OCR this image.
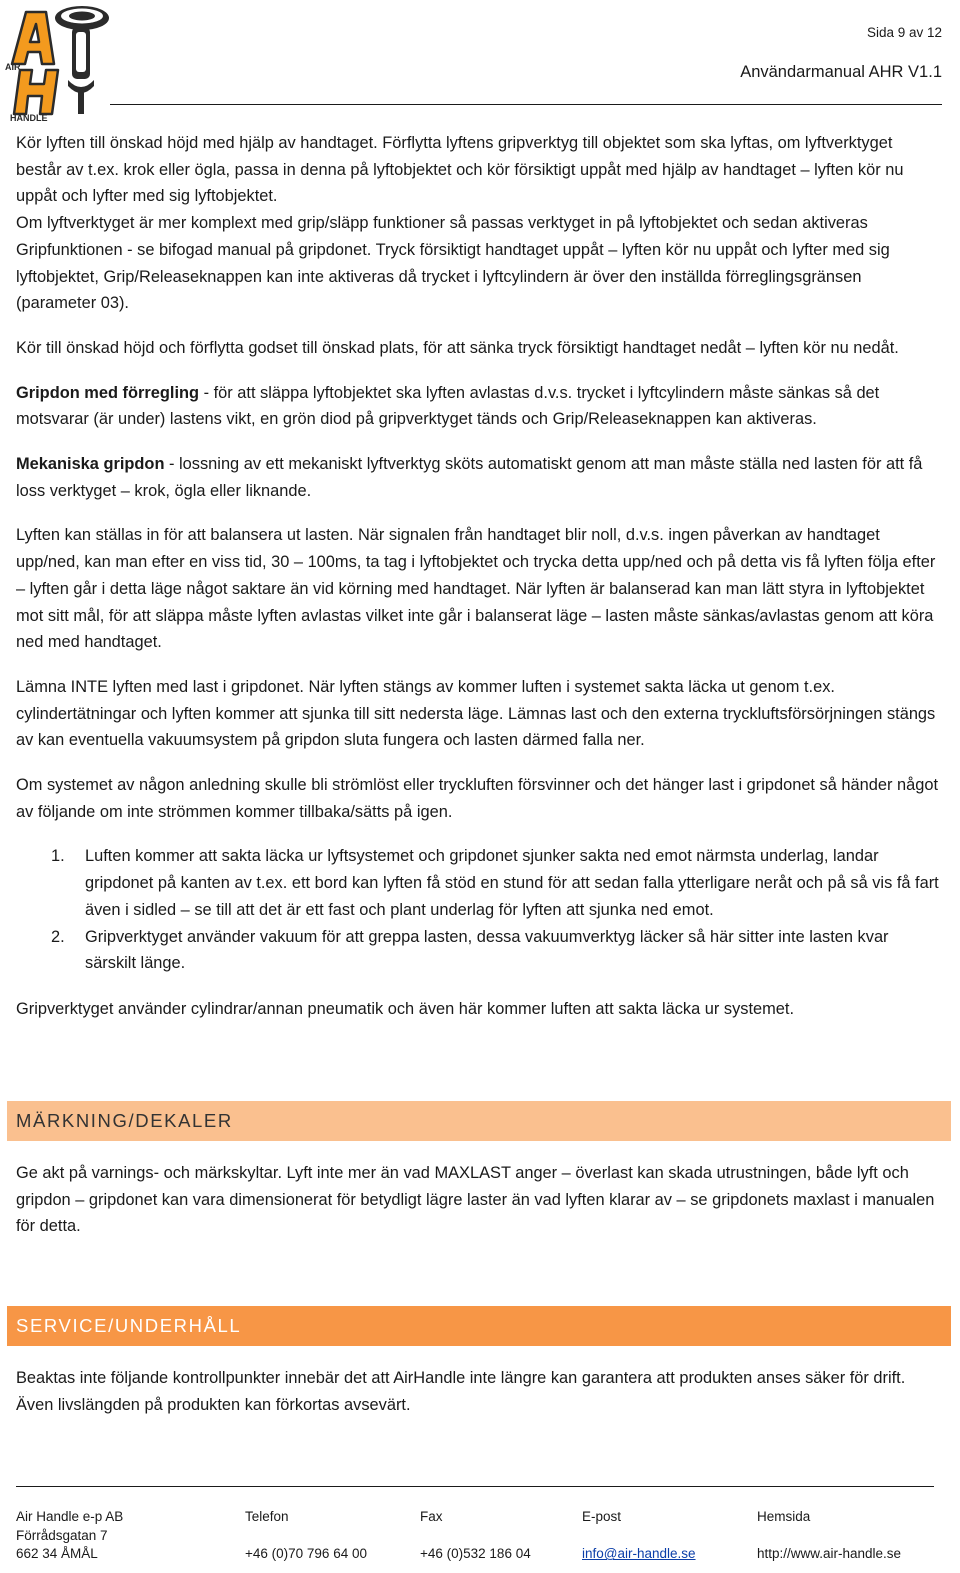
AIR
HANDLE
Sida 9 av 12
Användarmanual AHR V1.1

Kör lyften till önskad höjd med hjälp av handtaget. Förflytta lyftens gripverktyg till objektet som ska lyftas, om lyftverktyget består av t.ex. krok eller ögla, passa in denna på lyftobjektet och kör försiktigt uppåt med hjälp av handtaget – lyften kör nu uppåt och lyfter med sig lyftobjektet.

Om lyftverktyget är mer komplext med grip/släpp funktioner så passas verktyget in på lyftobjektet och sedan aktiveras Gripfunktionen - se bifogad manual på gripdonet. Tryck försiktigt handtaget uppåt – lyften kör nu uppåt och lyfter med sig lyftobjektet, Grip/Releaseknappen kan inte aktiveras då trycket i lyftcylindern är över den inställda förreglingsgränsen (parameter 03).

Kör till önskad höjd och förflytta godset till önskad plats, för att sänka tryck försiktigt handtaget nedåt – lyften kör nu nedåt.

Gripdon med förregling - för att släppa lyftobjektet ska lyften avlastas d.v.s. trycket i lyftcylindern måste sänkas så det motsvarar (är under) lastens vikt, en grön diod på gripverktyget tänds och Grip/Releaseknappen kan aktiveras.

Mekaniska gripdon - lossning av ett mekaniskt lyftverktyg sköts automatiskt genom att man måste ställa ned lasten för att få loss verktyget – krok, ögla eller liknande.

Lyften kan ställas in för att balansera ut lasten. När signalen från handtaget blir noll, d.v.s. ingen påverkan av handtaget upp/ned, kan man efter en viss tid, 30 – 100ms, ta tag i lyftobjektet och trycka detta upp/ned och på detta vis få lyften följa efter – lyften går i detta läge något saktare än vid körning med handtaget. När lyften är balanserad kan man lätt styra in lyftobjektet mot sitt mål, för att släppa måste lyften avlastas vilket inte går i balanserat läge – lasten måste sänkas/avlastas genom att köra ned med handtaget.

Lämna INTE lyften med last i gripdonet. När lyften stängs av kommer luften i systemet sakta läcka ut genom t.ex. cylindertätningar och lyften kommer att sjunka till sitt nedersta läge. Lämnas last och den externa tryckluftsförsörjningen stängs av kan eventuella vakuumsystem på gripdon sluta fungera och lasten därmed falla ner.

Om systemet av någon anledning skulle bli strömlöst eller tryckluften försvinner och det hänger last i gripdonet så händer något av följande om inte strömmen kommer tillbaka/sätts på igen.

1. Luften kommer att sakta läcka ur lyftsystemet och gripdonet sjunker sakta ned emot närmsta underlag, landar gripdonet på kanten av t.ex. ett bord kan lyften få stöd en stund för att sedan falla ytterligare neråt och på så vis få fart även i sidled – se till att det är ett fast och plant underlag för lyften att sjunka ned emot.
2. Gripverktyget använder vakuum för att greppa lasten, dessa vakuumverktyg läcker så här sitter inte lasten kvar särskilt länge.

Gripverktyget använder cylindrar/annan pneumatik och även här kommer luften att sakta läcka ur systemet.

MÄRKNING/DEKALER

Ge akt på varnings- och märkskyltar. Lyft inte mer än vad MAXLAST anger – överlast kan skada utrustningen, både lyft och gripdon – gripdonet kan vara dimensionerat för betydligt lägre laster än vad lyften klarar av – se gripdonets maxlast i manualen för detta.

SERVICE/UNDERHÅLL

Beaktas inte följande kontrollpunkter innebär det att AirHandle inte längre kan garantera att produkten anses säker för drift. Även livslängden på produkten kan förkortas avsevärt.

Air Handle e-p AB
Förrådsgatan 7
662 34 ÅMÅL
Telefon

+46 (0)70 796 64 00
Fax

+46 (0)532 186 04
E-post

info@air-handle.se
Hemsida

http://www.air-handle.se
